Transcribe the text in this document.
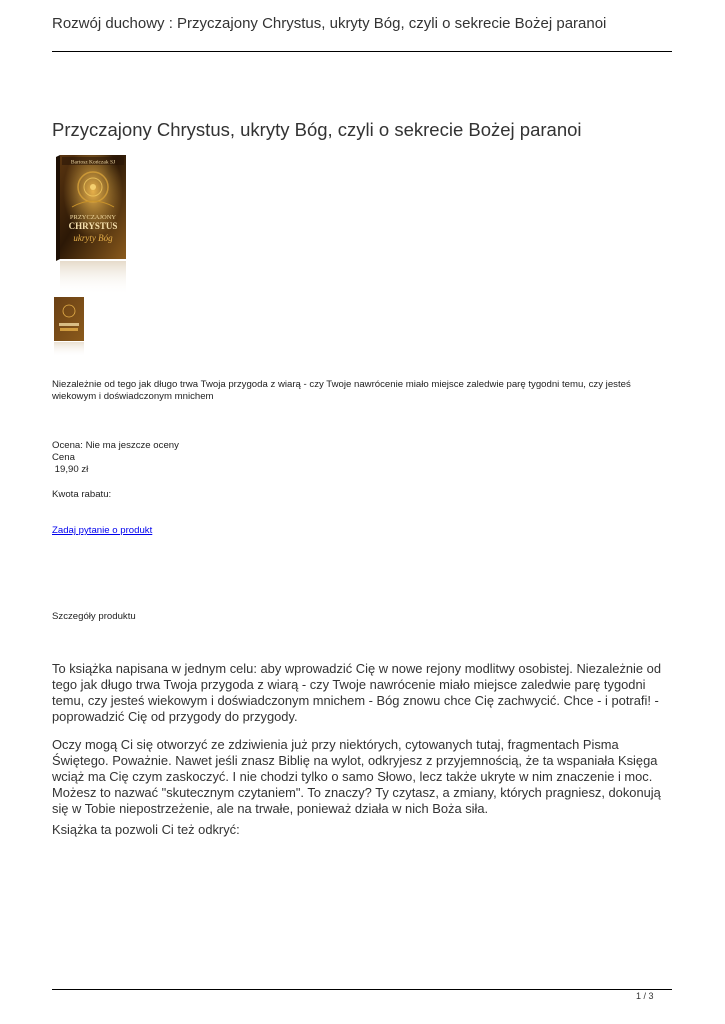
Rozwój duchowy : Przyczajony Chrystus, ukryty Bóg, czyli o sekrecie Bożej paranoi
Przyczajony Chrystus, ukryty Bóg, czyli o sekrecie Bożej paranoi
Bartosz Kończak SJ
PRZYCZAJONY
CHRYSTUS
ukryty Bóg
Niezależnie od tego jak długo trwa Twoja przygoda z wiarą - czy Twoje nawrócenie miało miejsce zaledwie parę tygodni temu, czy jesteś wiekowym i doświadczonym mnichem
Ocena: Nie ma jeszcze oceny
Cena
19,90 zł
Kwota rabatu:
Zadaj pytanie o produkt
Szczegóły produktu

To książka napisana w jednym celu: aby wprowadzić Cię w nowe rejony modlitwy osobistej. Niezależnie od tego jak długo trwa Twoja przygoda z wiarą - czy Twoje nawrócenie miało miejsce zaledwie parę tygodni temu, czy jesteś wiekowym i doświadczonym mnichem - Bóg znowu chce Cię zachwycić. Chce - i potrafi! - poprowadzić Cię od przygody do przygody.

Oczy mogą Ci się otworzyć ze zdziwienia już przy niektórych, cytowanych tutaj, fragmentach Pisma Świętego. Poważnie. Nawet jeśli znasz Biblię na wylot, odkryjesz z przyjemnością, że ta wspaniała Księga wciąż ma Cię czym zaskoczyć. I nie chodzi tylko o samo Słowo, lecz także ukryte w nim znaczenie i moc. Możesz to nazwać "skutecznym czytaniem". To znaczy? Ty czytasz, a zmiany, których pragniesz, dokonują się w Tobie niepostrzeżenie, ale na trwałe, ponieważ działa w nich Boża siła.

Książka ta pozwoli Ci też odkryć:

1 / 3
